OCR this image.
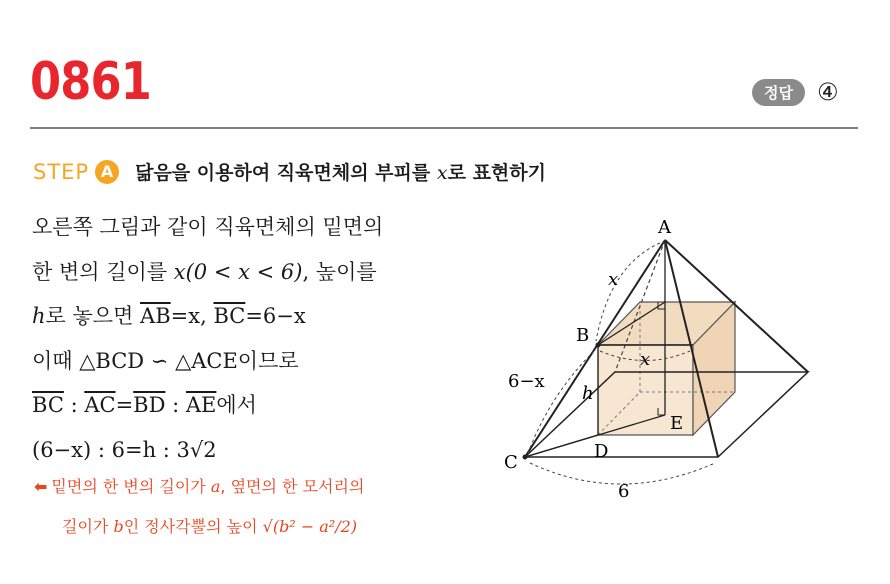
0861	정답	④
STEP A	닮음을 이용하여 직육면체의 부피를 x로 표현하기
오른쪽 그림과 같이 직육면체의 밑면의
한 변의 길이를 x(0 < x < 6), 높이를
h로 놓으면 $\overline{AB}=x$, $\overline{BC}=6-x$
이때 △BCD ∽ △ACE이므로
$\overline{BC}$ : $\overline{AC}=\overline{BD}$ : $\overline{AE}$에서
(6−x) : 6=h : 3√2
⬅ 밑면의 한 변의 길이가 a, 옆면의 한 모서리의
길이가 b인 정사각뿔의 높이 √(b² − a²/2)
A
B
C
D
E
x
x
6−x
h
6
